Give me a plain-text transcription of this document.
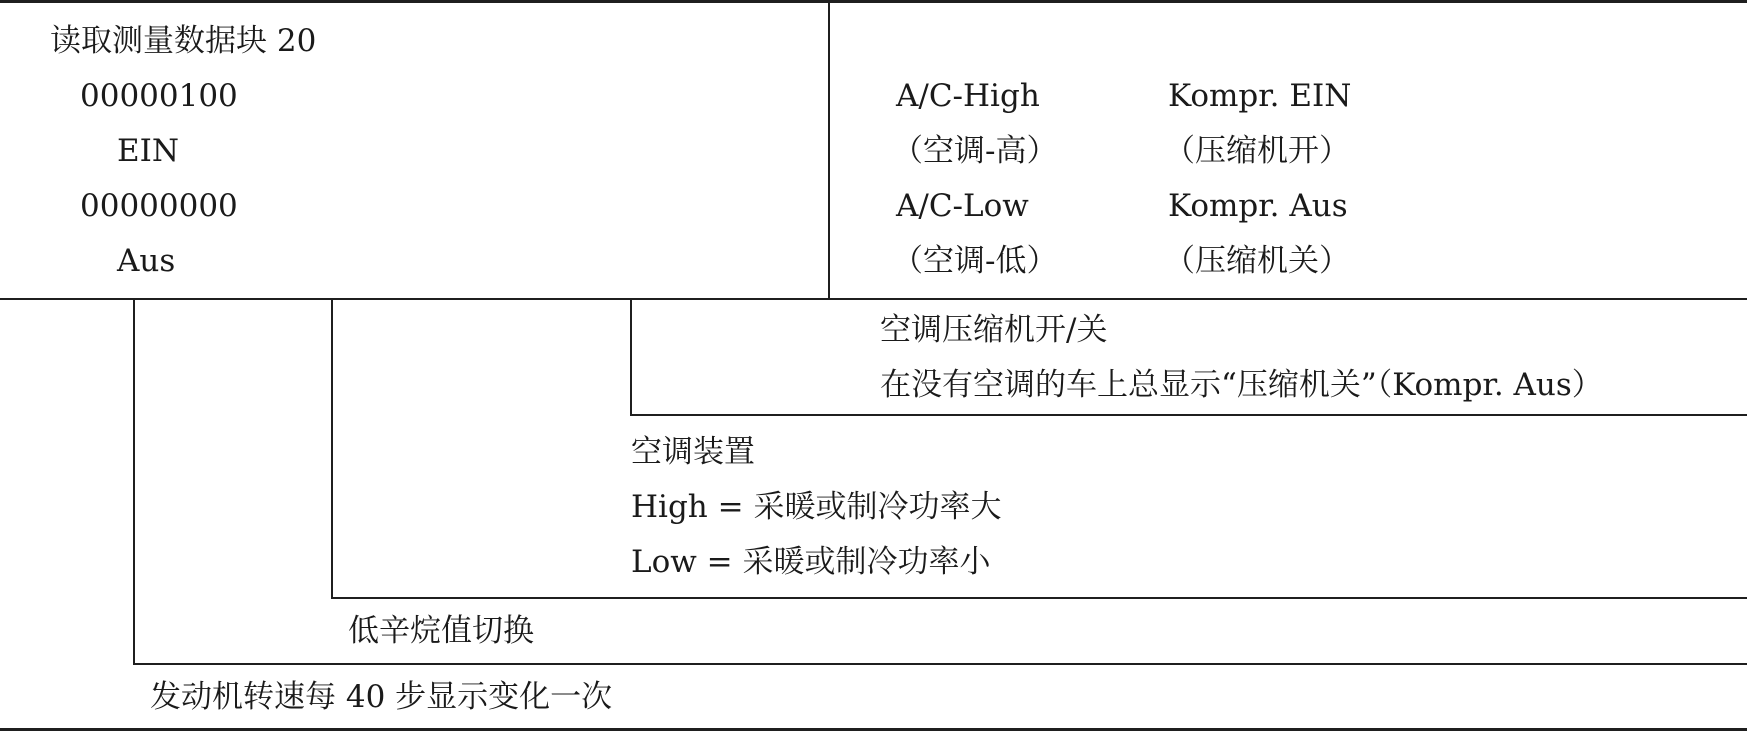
读取测量数据块 20
00000100
EIN
00000000
Aus
A/C-High
（空调-高）
A/C-Low
（空调-低）
Kompr. EIN
（压缩机开）
Kompr. Aus
（压缩机关）
空调压缩机开/关
在没有空调的车上总显示“压缩机关”（Kompr. Aus）
空调装置
High = 采暖或制冷功率大
Low = 采暖或制冷功率小
低辛烷值切换
发动机转速每 40 步显示变化一次
